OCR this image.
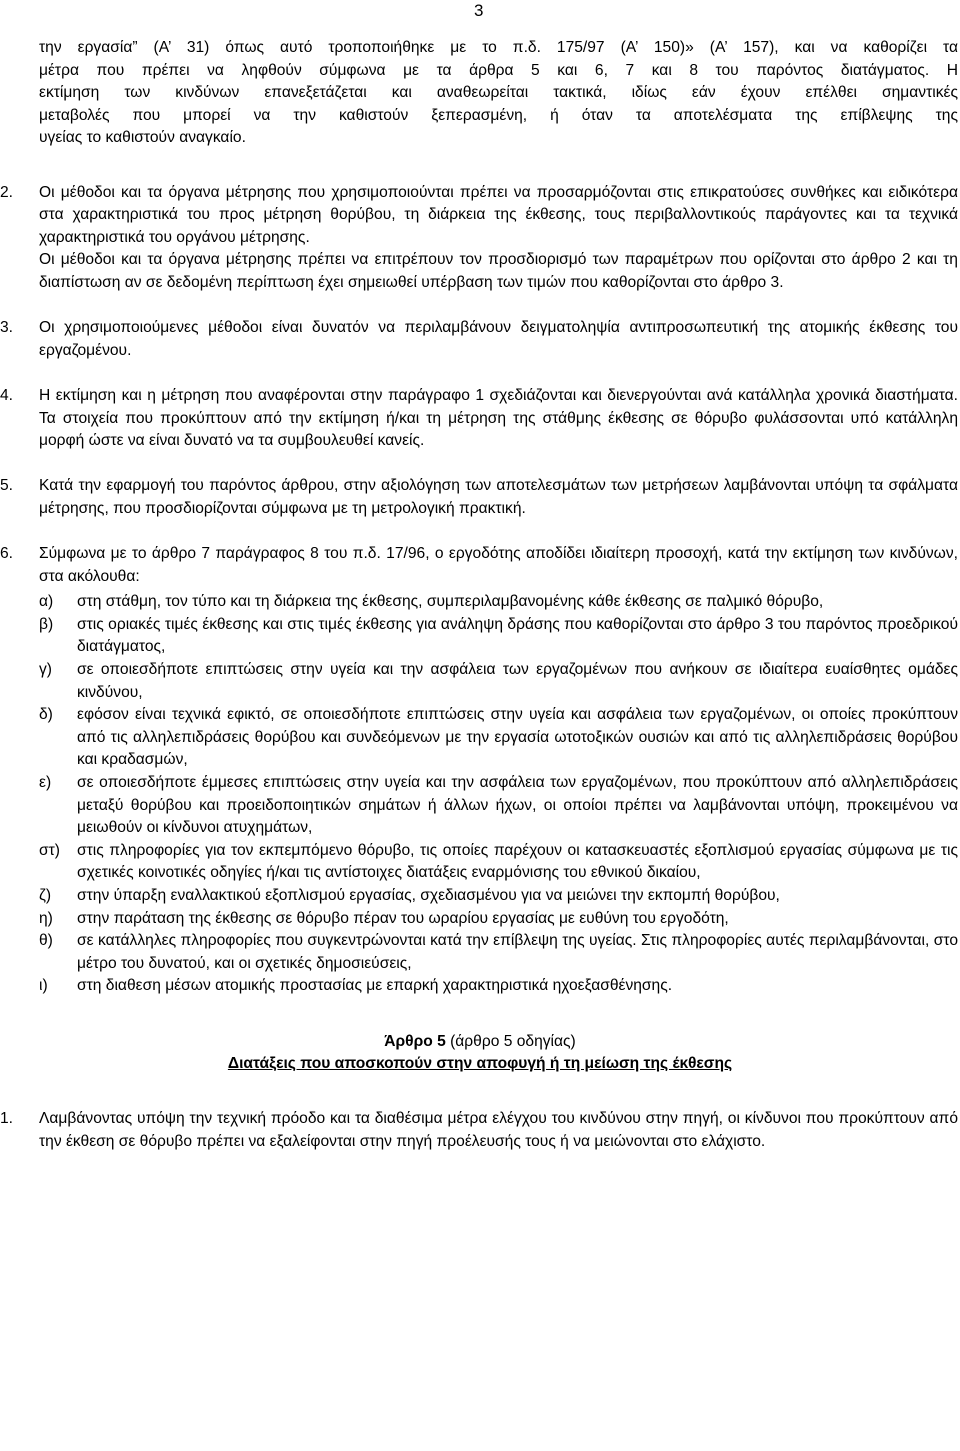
3

την εργασία” (Α’ 31) όπως αυτό τροποποιήθηκε με το π.δ. 175/97 (Α’ 150)» (Α’ 157), και να καθορίζει τα

μέτρα που πρέπει να ληφθούν σύμφωνα με τα άρθρα 5 και 6, 7 και 8 του παρόντος διατάγματος. Η

εκτίμηση των κινδύνων επανεξετάζεται και αναθεωρείται τακτικά, ιδίως εάν έχουν επέλθει σημαντικές

μεταβολές που μπορεί να την καθιστούν ξεπερασμένη, ή όταν τα αποτελέσματα της επίβλεψης της

υγείας το καθιστούν αναγκαίο.

2. Οι μέθοδοι και τα όργανα μέτρησης που χρησιμοποιούνται πρέπει να προσαρμόζονται στις επικρατούσες συνθήκες και ειδικότερα στα χαρακτηριστικά του προς μέτρηση θορύβου, τη διάρκεια της έκθεσης, τους περιβαλλοντικούς παράγοντες και τα τεχνικά χαρακτηριστικά του οργάνου μέτρησης.

Οι μέθοδοι και τα όργανα μέτρησης πρέπει να επιτρέπουν τον προσδιορισμό των παραμέτρων που ορίζονται στο άρθρο 2 και τη διαπίστωση αν σε δεδομένη περίπτωση έχει σημειωθεί υπέρβαση των τιμών που καθορίζονται στο άρθρο 3.

3. Οι χρησιμοποιούμενες μέθοδοι είναι δυνατόν να περιλαμβάνουν δειγματοληψία αντιπροσωπευτική της ατομικής έκθεσης του εργαζομένου.

4. Η εκτίμηση και η μέτρηση που αναφέρονται στην παράγραφο 1 σχεδιάζονται και διενεργούνται ανά κατάλληλα χρονικά διαστήματα. Τα στοιχεία που προκύπτουν από την εκτίμηση ή/και τη μέτρηση της στάθμης έκθεσης σε θόρυβο φυλάσσονται υπό κατάλληλη μορφή ώστε να είναι δυνατό να τα συμβουλευθεί κανείς.

5. Κατά την εφαρμογή του παρόντος άρθρου, στην αξιολόγηση των αποτελεσμάτων των μετρήσεων λαμβάνονται υπόψη τα σφάλματα μέτρησης, που προσδιορίζονται σύμφωνα με τη μετρολογική πρακτική.

6. Σύμφωνα με το άρθρο 7 παράγραφος 8 του π.δ. 17/96, ο εργοδότης αποδίδει ιδιαίτερη προσοχή, κατά την εκτίμηση των κινδύνων, στα ακόλουθα:

α)	στη στάθμη, τον τύπο και τη διάρκεια της έκθεσης, συμπεριλαμβανομένης κάθε έκθεσης σε παλμικό θόρυβο,
β)	στις οριακές τιμές έκθεσης και στις τιμές έκθεσης για ανάληψη δράσης που καθορίζονται στο άρθρο 3 του παρόντος προεδρικού διατάγματος,
γ)	σε οποιεσδήποτε επιπτώσεις στην υγεία και την ασφάλεια των εργαζομένων που ανήκουν σε ιδιαίτερα ευαίσθητες ομάδες κινδύνου,
δ)	εφόσον είναι τεχνικά εφικτό, σε οποιεσδήποτε επιπτώσεις στην υγεία και ασφάλεια των εργαζομένων, οι οποίες προκύπτουν από τις αλληλεπιδράσεις θορύβου και συνδεόμενων με την εργασία ωτοτοξικών ουσιών και από τις αλληλεπιδράσεις θορύβου και κραδασμών,
ε)	σε οποιεσδήποτε έμμεσες επιπτώσεις στην υγεία και την ασφάλεια των εργαζομένων, που προκύπτουν από αλληλεπιδράσεις μεταξύ θορύβου και προειδοποιητικών σημάτων ή άλλων ήχων, οι οποίοι πρέπει να λαμβάνονται υπόψη, προκειμένου να μειωθούν οι κίνδυνοι ατυχημάτων,
στ)	στις πληροφορίες για τον εκπεμπόμενο θόρυβο, τις οποίες παρέχουν οι κατασκευαστές εξοπλισμού εργασίας σύμφωνα με τις σχετικές κοινοτικές οδηγίες ή/και τις αντίστοιχες διατάξεις εναρμόνισης του εθνικού δικαίου,
ζ)	στην ύπαρξη εναλλακτικού εξοπλισμού εργασίας, σχεδιασμένου για να μειώνει την εκπομπή θορύβου,
η)	στην παράταση της έκθεσης σε θόρυβο πέραν του ωραρίου εργασίας με ευθύνη του εργοδότη,
θ)	σε κατάλληλες πληροφορίες που συγκεντρώνονται κατά την επίβλεψη της υγείας. Στις πληροφορίες αυτές περιλαμβάνονται, στο μέτρο του δυνατού, και οι σχετικές δημοσιεύσεις,
ι)	στη διαθεση μέσων ατομικής προστασίας με επαρκή χαρακτηριστικά ηχοεξασθένησης.
Άρθρο 5 (άρθρο 5 οδηγίας)
Διατάξεις που αποσκοπούν στην αποφυγή ή τη μείωση της έκθεσης
1.	Λαμβάνοντας υπόψη την τεχνική πρόοδο και τα διαθέσιμα μέτρα ελέγχου του κινδύνου στην πηγή, οι κίνδυνοι που προκύπτουν από την έκθεση σε θόρυβο πρέπει να εξαλείφονται στην πηγή προέλευσής τους ή να μειώνονται στο ελάχιστο.
